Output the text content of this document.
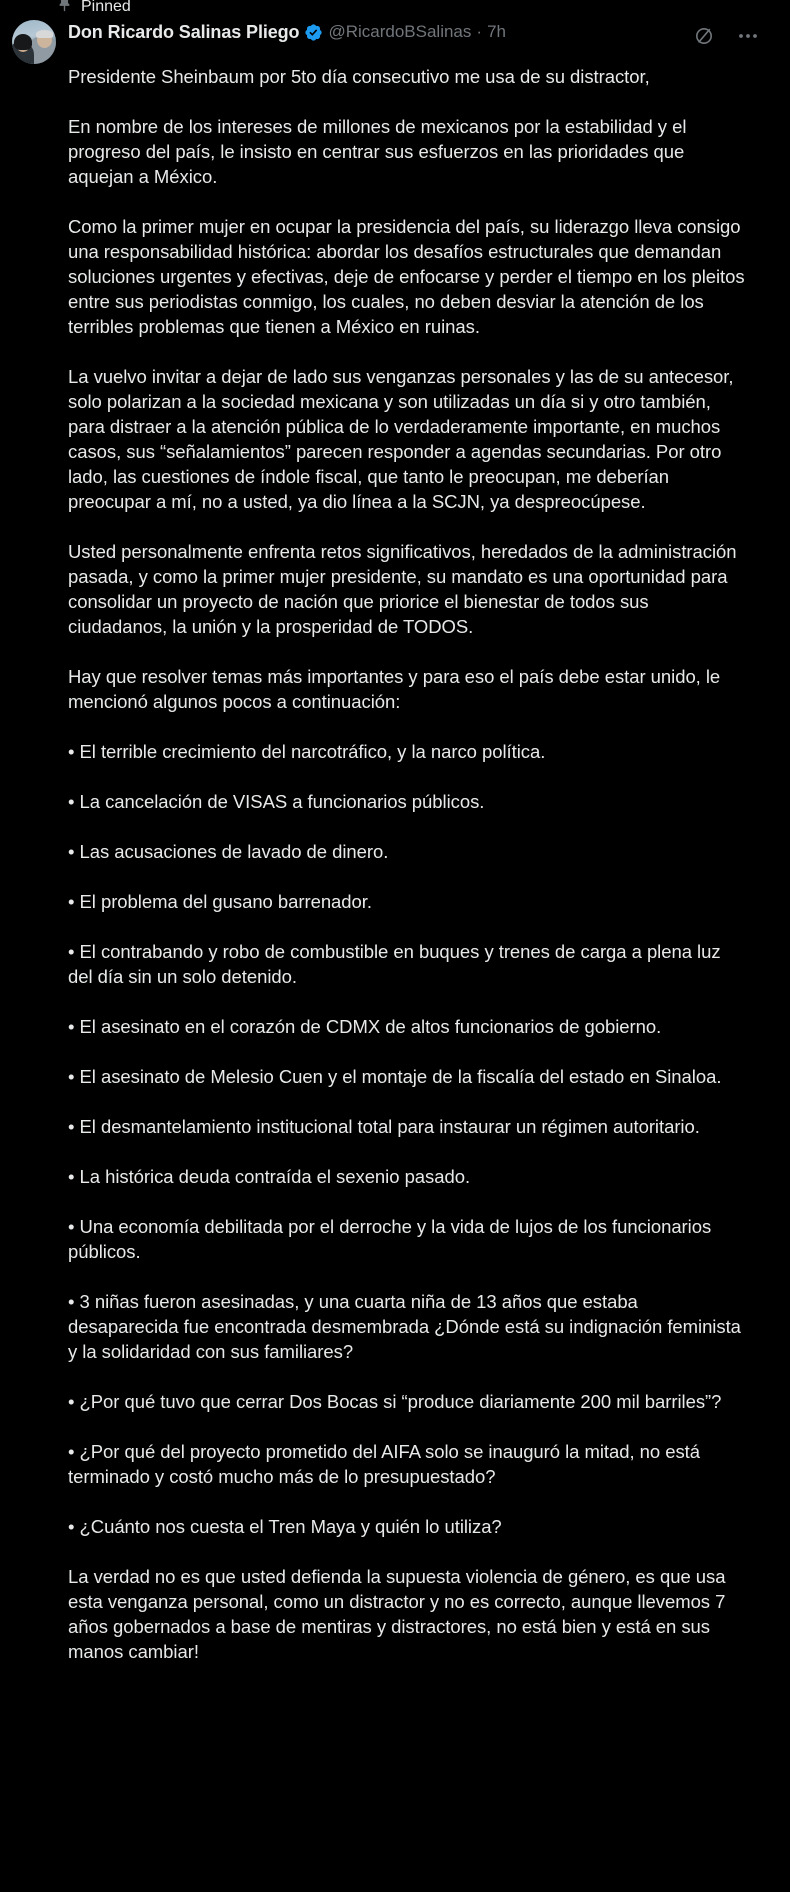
Pinned
Don Ricardo Salinas Pliego @RicardoBSalinas · 7h

Presidente Sheinbaum por 5to día consecutivo me usa de su distractor,

En nombre de los intereses de millones de mexicanos por la estabilidad y el progreso del país, le insisto en centrar sus esfuerzos en las prioridades que aquejan a México.

Como la primer mujer en ocupar la presidencia del país, su liderazgo lleva consigo una responsabilidad histórica: abordar los desafíos estructurales que demandan soluciones urgentes y efectivas, deje de enfocarse y perder el tiempo en los pleitos entre sus periodistas conmigo, los cuales, no deben desviar la atención de los terribles problemas que tienen a México en ruinas.

La vuelvo invitar a dejar de lado sus venganzas personales y las de su antecesor, solo polarizan a la sociedad mexicana y son utilizadas un día si y otro también, para distraer a la atención pública de lo verdaderamente importante, en muchos casos, sus “señalamientos” parecen responder a agendas secundarias. Por otro lado, las cuestiones de índole fiscal, que tanto le preocupan, me deberían preocupar a mí, no a usted, ya dio línea a la SCJN, ya despreocúpese.

Usted personalmente enfrenta retos significativos, heredados de la administración pasada, y como la primer mujer presidente, su mandato es una oportunidad para consolidar un proyecto de nación que priorice el bienestar de todos sus ciudadanos, la unión y la prosperidad de TODOS.

Hay que resolver temas más importantes y para eso el país debe estar unido, le mencionó algunos pocos a continuación:

• El terrible crecimiento del narcotráfico, y la narco política.

• La cancelación de VISAS a funcionarios públicos.

• Las acusaciones de lavado de dinero.

• El problema del gusano barrenador.

• El contrabando y robo de combustible en buques y trenes de carga a plena luz del día sin un solo detenido.

• El asesinato en el corazón de CDMX de altos funcionarios de gobierno.

• El asesinato de Melesio Cuen y el montaje de la fiscalía del estado en Sinaloa.

• El desmantelamiento institucional total para instaurar un régimen autoritario.

• La histórica deuda contraída el sexenio pasado.

• Una economía debilitada por el derroche y la vida de lujos de los funcionarios públicos.

• 3 niñas fueron asesinadas, y una cuarta niña de 13 años que estaba desaparecida fue encontrada desmembrada ¿Dónde está su indignación feminista y la solidaridad con sus familiares?

• ¿Por qué tuvo que cerrar Dos Bocas si “produce diariamente 200 mil barriles”?

• ¿Por qué del proyecto prometido del AIFA solo se inauguró la mitad, no está terminado y costó mucho más de lo presupuestado?

• ¿Cuánto nos cuesta el Tren Maya y quién lo utiliza?

La verdad no es que usted defienda la supuesta violencia de género, es que usa esta venganza personal, como un distractor y no es correcto, aunque llevemos 7 años gobernados a base de mentiras y distractores, no está bien y está en sus manos cambiar!
